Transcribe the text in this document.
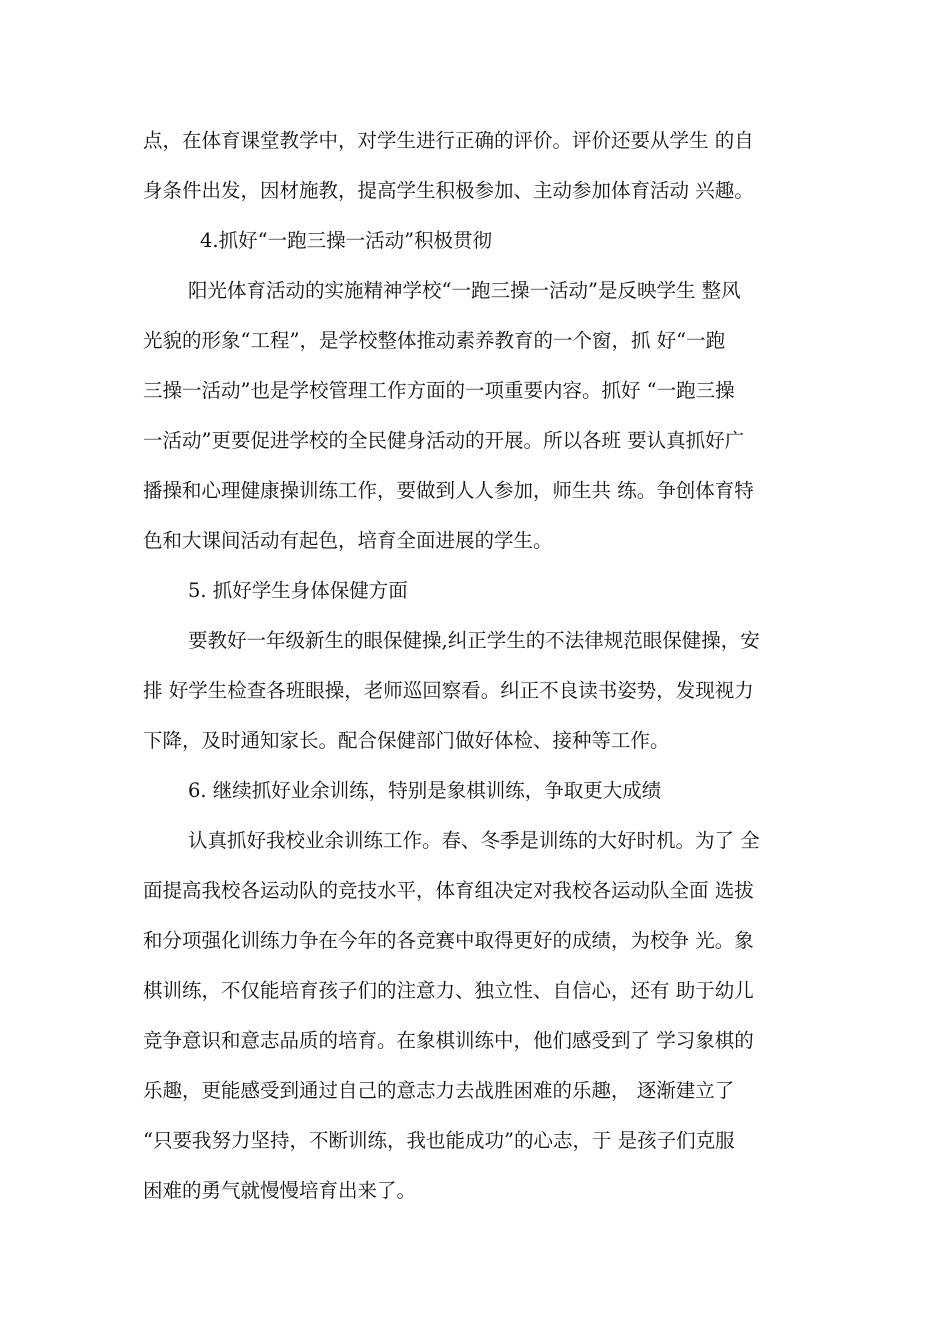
点，在体育课堂教学中，对学生进行正确的评价。评价还要从学生 的自
身条件出发，因材施教，提高学生积极参加、主动参加体育活动 兴趣。
4.抓好“一跑三操一活动”积极贯彻
阳光体育活动的实施精神学校“一跑三操一活动”是反映学生 整风
光貌的形象“工程”，是学校整体推动素养教育的一个窗，抓 好“一跑
三操一活动”也是学校管理工作方面的一项重要内容。抓好 “一跑三操
一活动”更要促进学校的全民健身活动的开展。所以各班 要认真抓好广
播操和心理健康操训练工作，要做到人人参加，师生共 练。争创体育特
色和大课间活动有起色，培育全面进展的学生。
5. 抓好学生身体保健方面
要教好一年级新生的眼保健操,纠正学生的不法律规范眼保健操，安
排 好学生检查各班眼操，老师巡回察看。纠正不良读书姿势，发现视力
下降，及时通知家长。配合保健部门做好体检、接种等工作。
6. 继续抓好业余训练，特别是象棋训练，争取更大成绩
认真抓好我校业余训练工作。春、冬季是训练的大好时机。为了 全
面提高我校各运动队的竞技水平，体育组决定对我校各运动队全面 选拔
和分项强化训练力争在今年的各竞赛中取得更好的成绩，为校争 光。象
棋训练，不仅能培育孩子们的注意力、独立性、自信心，还有 助于幼儿
竞争意识和意志品质的培育。在象棋训练中，他们感受到了 学习象棋的
乐趣，更能感受到通过自己的意志力去战胜困难的乐趣， 逐渐建立了
“只要我努力坚持，不断训练，我也能成功”的心志，于 是孩子们克服
困难的勇气就慢慢培育出来了。
